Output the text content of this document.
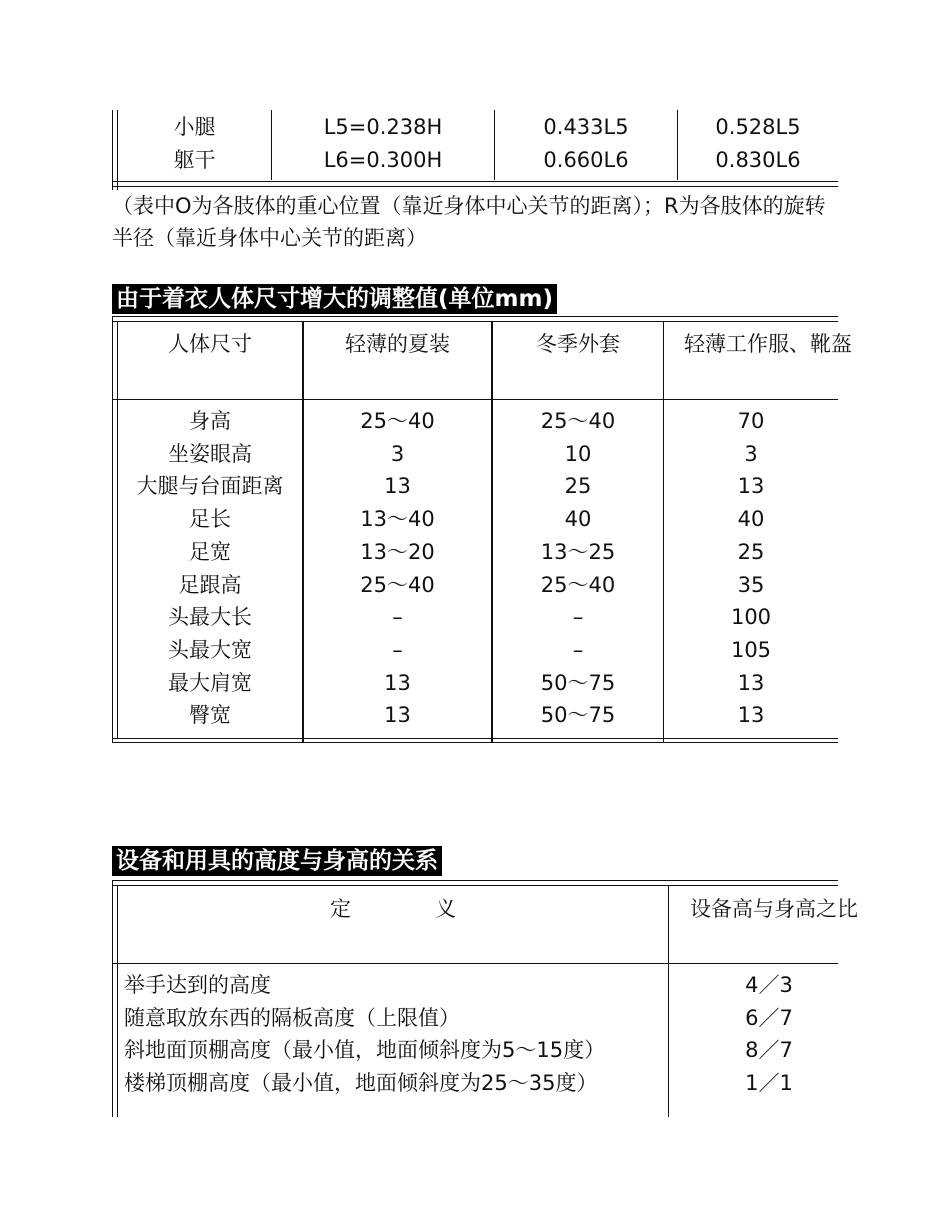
小腿	L5=0.238H	0.433L5	0.528L5
躯干	L6=0.300H	0.660L6	0.830L6
（表中O为各肢体的重心位置（靠近身体中心关节的距离）；R为各肢体的旋转半径（靠近身体中心关节的距离）
由于着衣人体尺寸增大的调整值(单位mm)
人体尺寸	轻薄的夏装	冬季外套	轻薄工作服、靴盔
身高	25～40	25～40	70
坐姿眼高	3	10	3
大腿与台面距离	13	25	13
足长	13～40	40	40
足宽	13～20	13～25	25
足跟高	25～40	25～40	35
头最大长	–	–	100
头最大宽	–	–	105
最大肩宽	13	50～75	13
臀宽	13	50～75	13
设备和用具的高度与身高的关系
定　　　　义	设备高与身高之比
举手达到的高度	4／3
随意取放东西的隔板高度（上限值）	6／7
斜地面顶棚高度（最小值，地面倾斜度为5～15度）	8／7
楼梯顶棚高度（最小值，地面倾斜度为25～35度）	1／1
